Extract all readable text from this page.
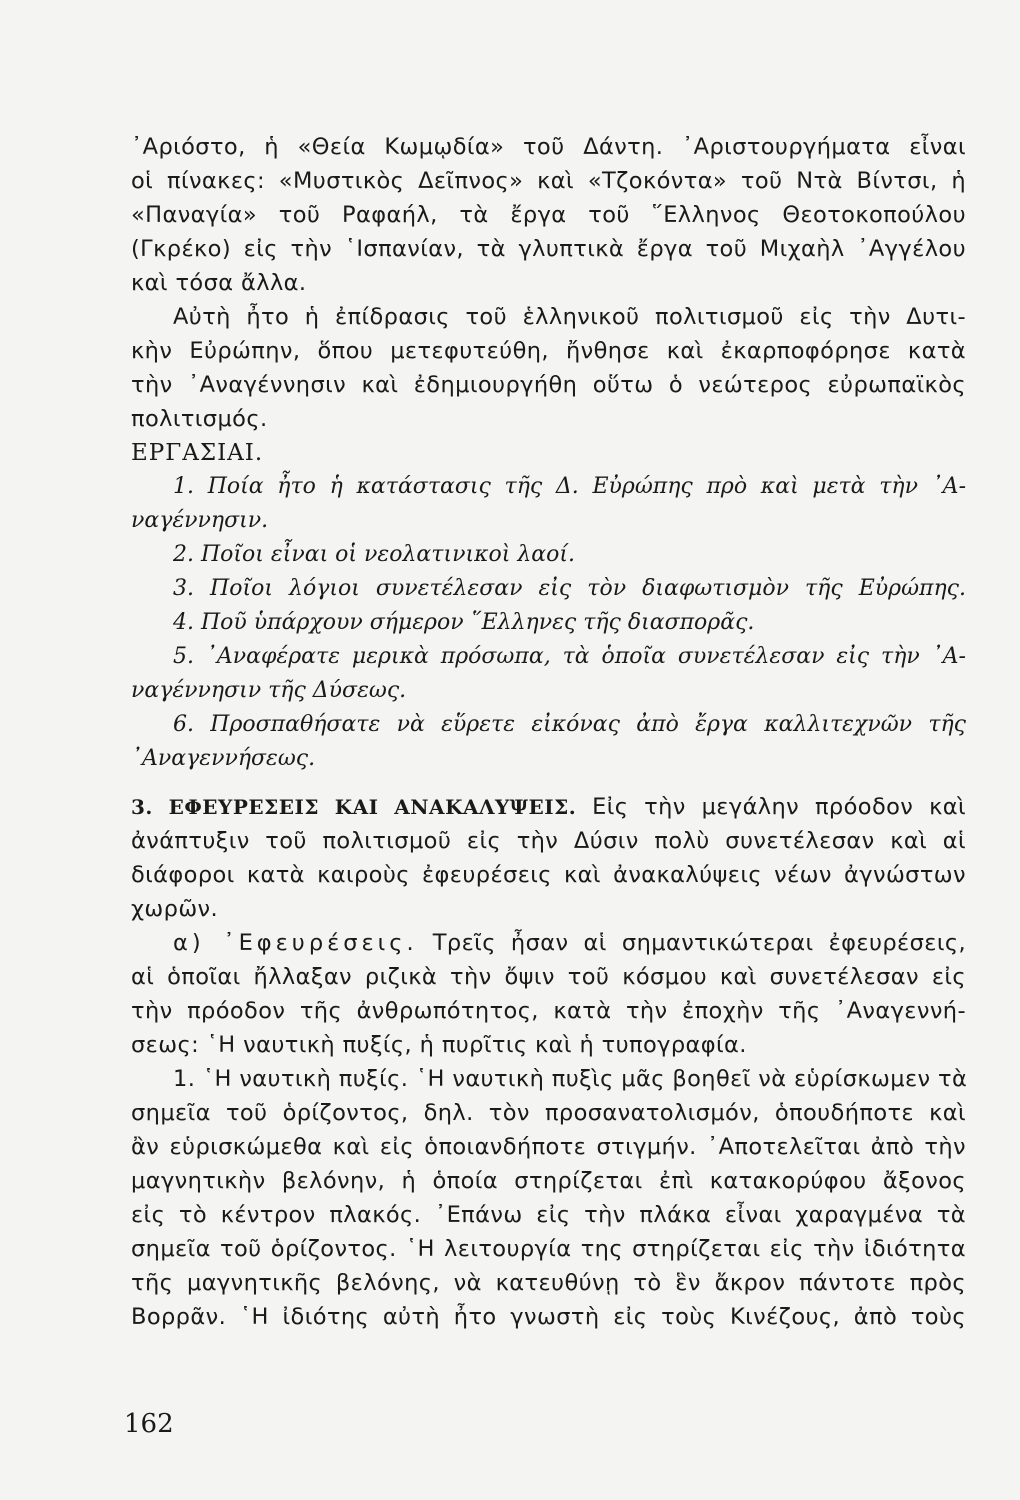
᾿Αριόστο, ἡ «Θεία Κωμῳδία» τοῦ Δάντη. ᾿Αριστουργήματα εἶναι
οἱ πίνακες: «Μυστικὸς Δεῖπνος» καὶ «Τζοκόντα» τοῦ Ντὰ Βίντσι, ἡ
«Παναγία» τοῦ Ραφαήλ, τὰ ἔργα τοῦ ῞Ελληνος Θεοτοκοπούλου
(Γκρέκο) εἰς τὴν ῾Ισπανίαν, τὰ γλυπτικὰ ἔργα τοῦ Μιχαὴλ ᾿Αγγέλου
καὶ τόσα ἄλλα.
Αὐτὴ ἦτο ἡ ἐπίδρασις τοῦ ἑλληνικοῦ πολιτισμοῦ εἰς τὴν Δυτι-
κὴν Εὐρώπην, ὅπου μετεφυτεύθη, ἤνθησε καὶ ἐκαρποφόρησε κατὰ
τὴν ᾿Αναγέννησιν καὶ ἐδημιουργήθη οὕτω ὁ νεώτερος εὐρωπαϊκὸς
πολιτισμός.
ΕΡΓΑΣΙΑΙ.
1. Ποία ἦτο ἡ κατάστασις τῆς Δ. Εὐρώπης πρὸ καὶ μετὰ τὴν ᾿Α-
ναγέννησιν.
2. Ποῖοι εἶναι οἱ νεολατινικοὶ λαοί.
3. Ποῖοι λόγιοι συνετέλεσαν εἰς τὸν διαφωτισμὸν τῆς Εὐρώπης.
4. Ποῦ ὑπάρχουν σήμερον ῞Ελληνες τῆς διασπορᾶς.
5. ᾿Αναφέρατε μερικὰ πρόσωπα, τὰ ὁποῖα συνετέλεσαν εἰς τὴν ᾿Α-
ναγέννησιν τῆς Δύσεως.
6. Προσπαθήσατε νὰ εὕρετε εἰκόνας ἀπὸ ἔργα καλλιτεχνῶν τῆς
᾿Αναγεννήσεως.
3. ΕΦΕΥΡΕΣΕΙΣ ΚΑΙ ΑΝΑΚΑΛΥΨΕΙΣ. Εἰς τὴν μεγάλην πρόοδον καὶ
ἀνάπτυξιν τοῦ πολιτισμοῦ εἰς τὴν Δύσιν πολὺ συνετέλεσαν καὶ αἱ
διάφοροι κατὰ καιροὺς ἐφευρέσεις καὶ ἀνακαλύψεις νέων ἀγνώστων
χωρῶν.
α) ᾿Εφευρέσεις. Τρεῖς ἦσαν αἱ σημαντικώτεραι ἐφευρέσεις,
αἱ ὁποῖαι ἤλλαξαν ριζικὰ τὴν ὄψιν τοῦ κόσμου καὶ συνετέλεσαν εἰς
τὴν πρόοδον τῆς ἀνθρωπότητος, κατὰ τὴν ἐποχὴν τῆς ᾿Αναγεννή-
σεως: ῾Η ναυτικὴ πυξίς, ἡ πυρῖτις καὶ ἡ τυπογραφία.
1. ῾Η ναυτικὴ πυξίς. ῾Η ναυτικὴ πυξὶς μᾶς βοηθεῖ νὰ εὑρίσκωμεν τὰ
σημεῖα τοῦ ὁρίζοντος, δηλ. τὸν προσανατολισμόν, ὁπουδήποτε καὶ
ἂν εὑρισκώμεθα καὶ εἰς ὁποιανδήποτε στιγμήν. ᾿Αποτελεῖται ἀπὸ τὴν
μαγνητικὴν βελόνην, ἡ ὁποία στηρίζεται ἐπὶ κατακορύφου ἄξονος
εἰς τὸ κέντρον πλακός. ᾿Επάνω εἰς τὴν πλάκα εἶναι χαραγμένα τὰ
σημεῖα τοῦ ὁρίζοντος. ῾Η λειτουργία της στηρίζεται εἰς τὴν ἰδιότητα
τῆς μαγνητικῆς βελόνης, νὰ κατευθύνῃ τὸ ἓν ἄκρον πάντοτε πρὸς
Βορρᾶν. ῾Η ἰδιότης αὐτὴ ἦτο γνωστὴ εἰς τοὺς Κινέζους, ἀπὸ τοὺς
162
